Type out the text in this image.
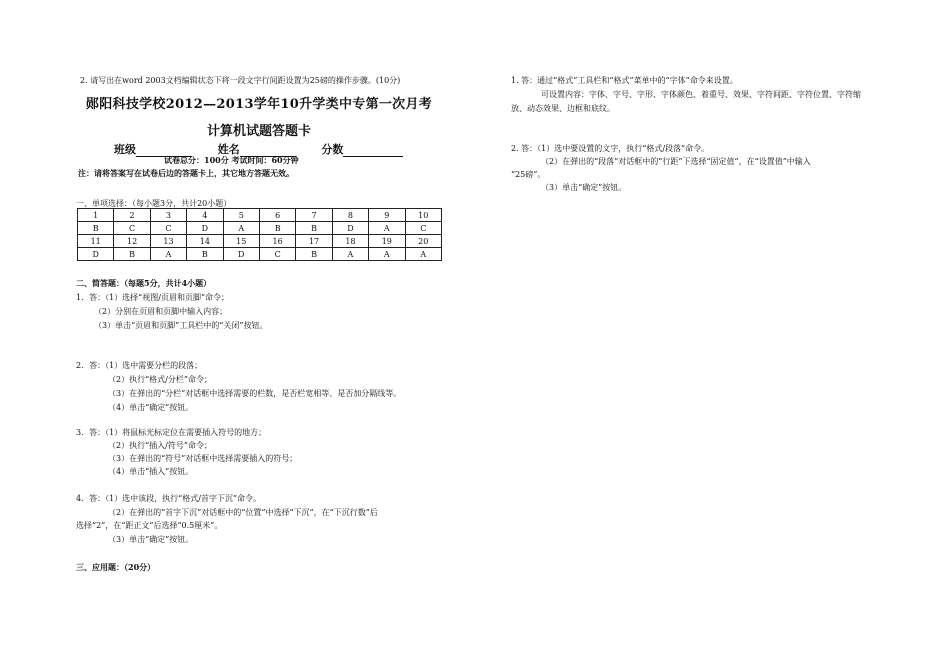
2. 请写出在word 2003文档编辑状态下将一段文字行间距设置为25磅的操作步骤。(10分)
郧阳科技学校2012—2013学年10升学类中专第一次月考
计算机试题答题卡
班级	姓名	分数
试卷总分：100分 考试时间：60分钟
注：请将答案写在试卷后边的答题卡上，其它地方答题无效。
一、单项选择：（每小题3分，共计20小题）
1	2	3	4	5	6	7	8	9	10
B	C	C	D	A	B	B	D	A	C
11	12	13	14	15	16	17	18	19	20
D	B	A	B	D	C	B	A	A	A
二、简答题：（每题5分，共计4小题）
1．答：（1）选择“视图/页眉和页脚”命令；
（2）分别在页眉和页脚中输入内容；
（3）单击“页眉和页脚”工具栏中的“关闭”按钮。
2．答：（1）选中需要分栏的段落；
（2）执行“格式/分栏”命令；
（3）在弹出的“分栏”对话框中选择需要的栏数，是否栏宽相等、是否加分隔线等。
（4）单击“确定”按钮。
3．答：（1）将鼠标光标定位在需要插入符号的地方；
（2）执行“插入/符号”命令；
（3）在弹出的“符号”对话框中选择需要插入的符号；
（4）单击“插入”按钮。
4．答：（1）选中该段，执行“格式/首字下沉”命令。
（2）在弹出的“首字下沉”对话框中的“位置”中选择“下沉”，在“下沉行数”后
选择“2”，在“距正文”后选择“0.5厘米”。
（3）单击“确定”按钮。
三、应用题：（20分）
1. 答：通过“格式”工具栏和“格式”菜单中的“字体”命令来设置。
可设置内容：字体、字号、字形、字体颜色、着重号、效果、字符间距、字符位置、字符缩
放、动态效果、边框和底纹。
2. 答：（1）选中要设置的文字，执行“格式/段落”命令。
（2）在弹出的“段落”对话框中的“行距”下选择“固定值”，在“设置值”中输入
“25磅”。
（3）单击“确定”按钮。
